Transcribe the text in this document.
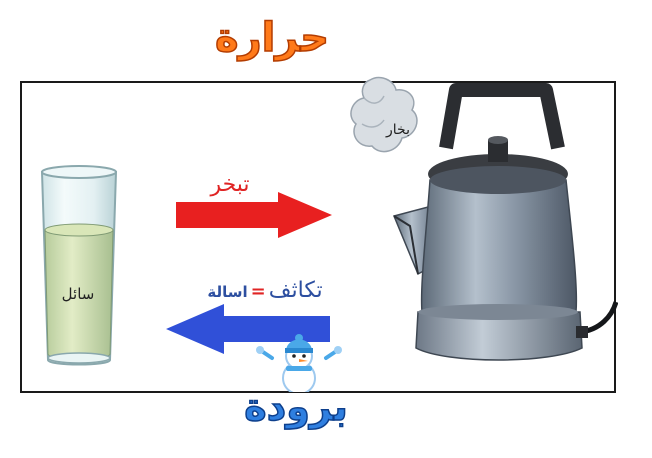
حرارة
سائل
تبخر
تكاثف=اسالة
برودة
بخار
